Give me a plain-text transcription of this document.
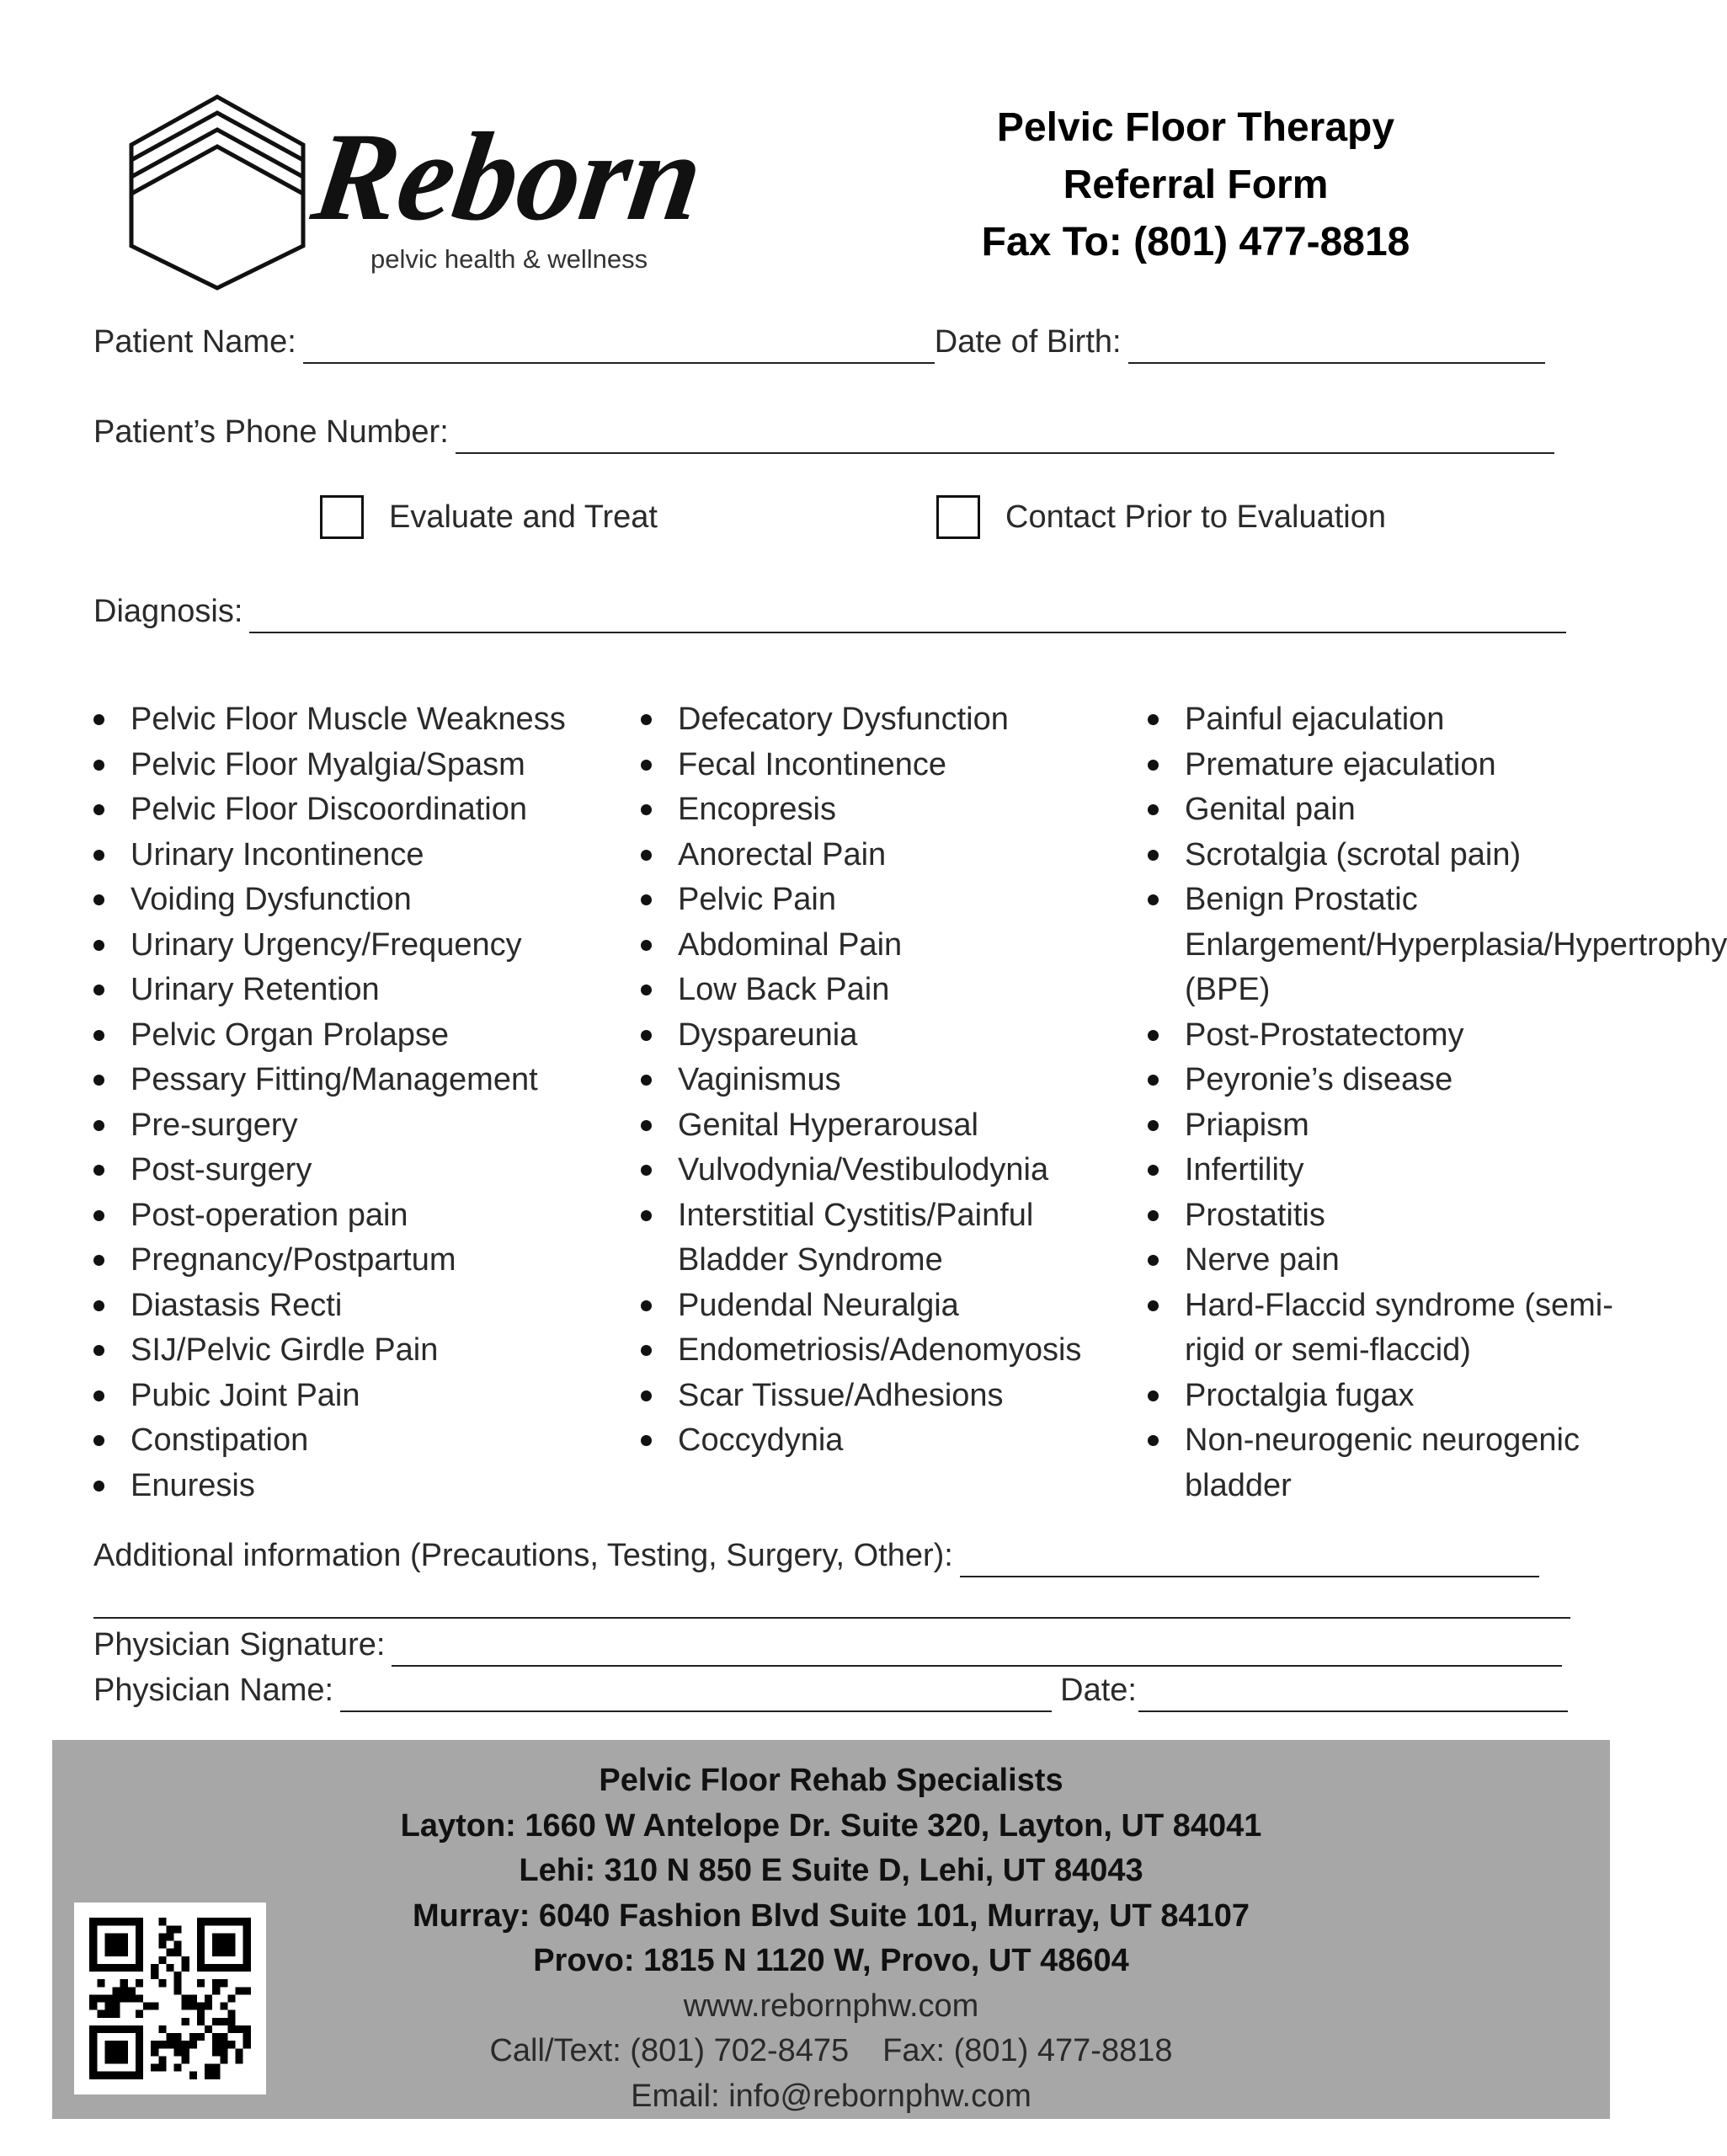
Reborn
pelvic health & wellness
Pelvic Floor Therapy
Referral Form
Fax To: (801) 477-8818
Patient Name:	Date of Birth:
Patient’s Phone Number:
Evaluate and Treat	Contact Prior to Evaluation
Diagnosis:
Pelvic Floor Muscle Weakness
Pelvic Floor Myalgia/Spasm
Pelvic Floor Discoordination
Urinary Incontinence
Voiding Dysfunction
Urinary Urgency/Frequency
Urinary Retention
Pelvic Organ Prolapse
Pessary Fitting/Management
Pre-surgery
Post-surgery
Post-operation pain
Pregnancy/Postpartum
Diastasis Recti
SIJ/Pelvic Girdle Pain
Pubic Joint Pain
Constipation
Enuresis
Defecatory Dysfunction
Fecal Incontinence
Encopresis
Anorectal Pain
Pelvic Pain
Abdominal Pain
Low Back Pain
Dyspareunia
Vaginismus
Genital Hyperarousal
Vulvodynia/Vestibulodynia
Interstitial Cystitis/Painful Bladder Syndrome
Pudendal Neuralgia
Endometriosis/Adenomyosis
Scar Tissue/Adhesions
Coccydynia
Painful ejaculation
Premature ejaculation
Genital pain
Scrotalgia (scrotal pain)
Benign Prostatic Enlargement/Hyperplasia/Hypertrophy (BPE)
Post-Prostatectomy
Peyronie’s disease
Priapism
Infertility
Prostatitis
Nerve pain
Hard-Flaccid syndrome (semi-rigid or semi-flaccid)
Proctalgia fugax
Non-neurogenic neurogenic bladder
Additional information (Precautions, Testing, Surgery, Other):
Physician Signature:
Physician Name:	Date:
Pelvic Floor Rehab Specialists
Layton: 1660 W Antelope Dr. Suite 320, Layton, UT 84041
Lehi: 310 N 850 E Suite D, Lehi, UT 84043
Murray: 6040 Fashion Blvd Suite 101, Murray, UT 84107
Provo: 1815 N 1120 W, Provo, UT 48604
www.rebornphw.com
Call/Text: (801) 702-8475 Fax: (801) 477-8818
Email: info@rebornphw.com
